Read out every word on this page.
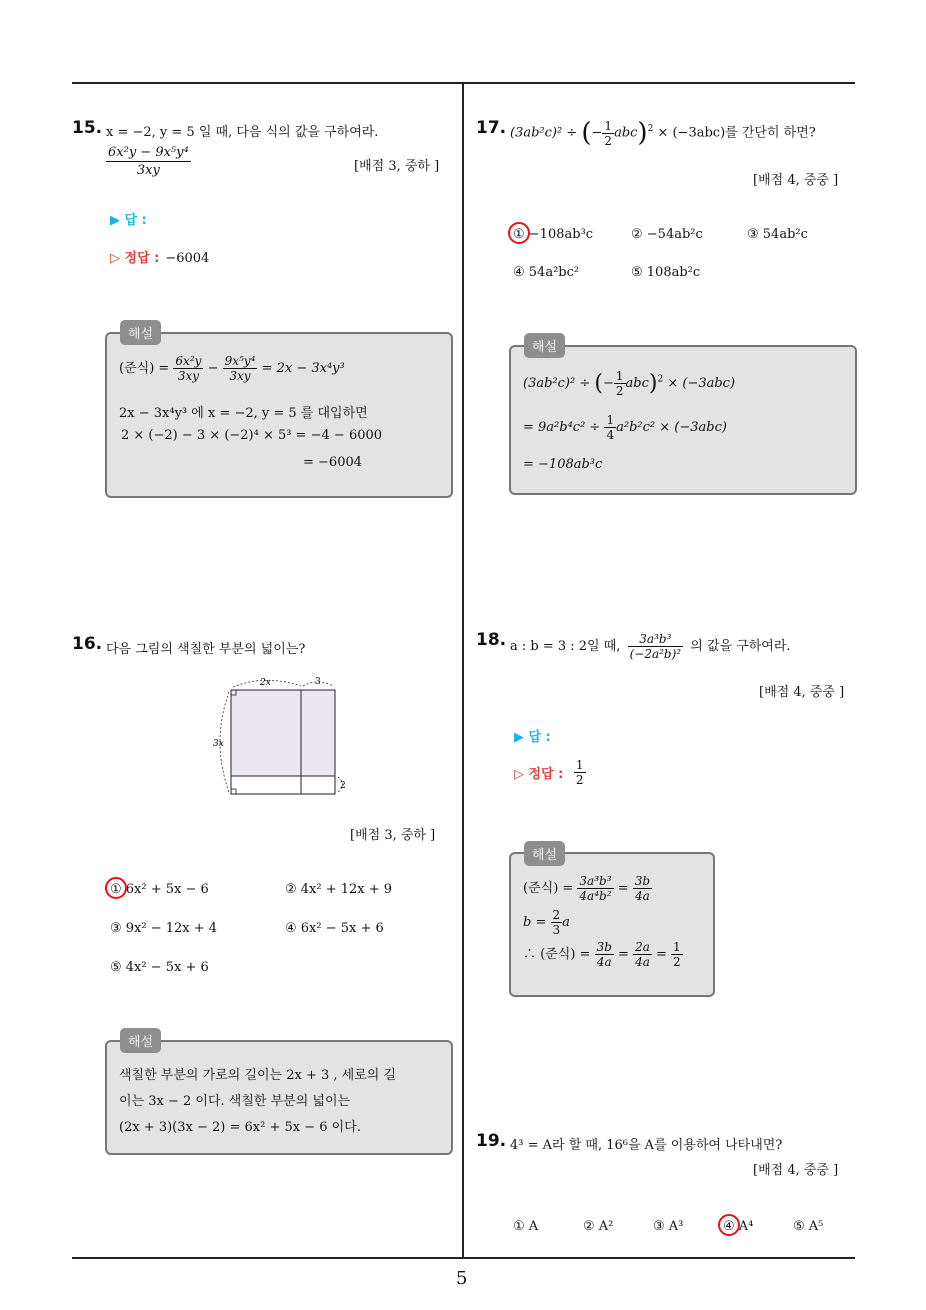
15. x = −2, y = 5 일 때, 다음 식의 값을 구하여라.
$\frac{\text{6x²y − 9x⁵y⁴}}{3xy}$	[배점 3, 중하 ]
▶ 답 :
▷ 정답 : −6004
(준식) = $\frac{\text{6x²y}}{3xy} - \frac{\text{9x⁵y⁴}}{3xy} = 2x - 3x^4y^3$
2x − 3x⁴y³ 에 x = −2, y = 5 를 대입하면
2 × (−2) − 3 × (−2)⁴ × 5³ = −4 − 6000
= −6004
해설
16. 다음 그림의 색칠한 부분의 넓이는?
2x	3
3x
2
[배점 3, 중하 ]
① 6x² + 5x − 6	② 4x² + 12x + 9
③ 9x² − 12x + 4	④ 6x² − 5x + 6
⑤ 4x² − 5x + 6
색칠한 부분의 가로의 길이는 2x + 3 , 세로의 길
이는 3x − 2 이다. 색칠한 부분의 넓이는
(2x + 3)(3x − 2) = 6x² + 5x − 6 이다.
해설
17. (3ab²c)² ÷ (− $\frac{1}{2} abc)^2 \times (-3abc)$를 간단히 하면?
[배점 4, 중중 ]
① −108ab³c	② −54ab²c	③ 54ab²c
④ 54a²bc²	⑤ 108ab²c
(3ab²c)² ÷ (− $\frac{1}{2} abc)^2 \times (-3abc)$
= $9a^2b^4c^2 \div \frac{1}{4} a^2b^2c^2 \times (-3abc)$
= −108ab³c
해설
18. a : b = 3 : 2일 때, $\frac{\text{3a³b³}}{\text{(−2a²b)²}}$ 의 값을 구하여라.
[배점 4, 중중 ]
▶ 답 :
▷ 정답 : $\frac{1}{2}$
(준식) = $\frac{\text{3a³b³}}{\text{4a⁴b²}} = \frac{3b}{4a}$
$b = \frac{2}{3}$ a
∴ (준식) = $\frac{3b}{4a} = \frac{2a}{4a} = \frac{1}{2}$
해설
19. 4³ = A라 할 때, 16⁶을 A를 이용하여 나타내면?
[배점 4, 중중 ]
① A	② A²	③ A³	④ A⁴	⑤ A⁵
5
